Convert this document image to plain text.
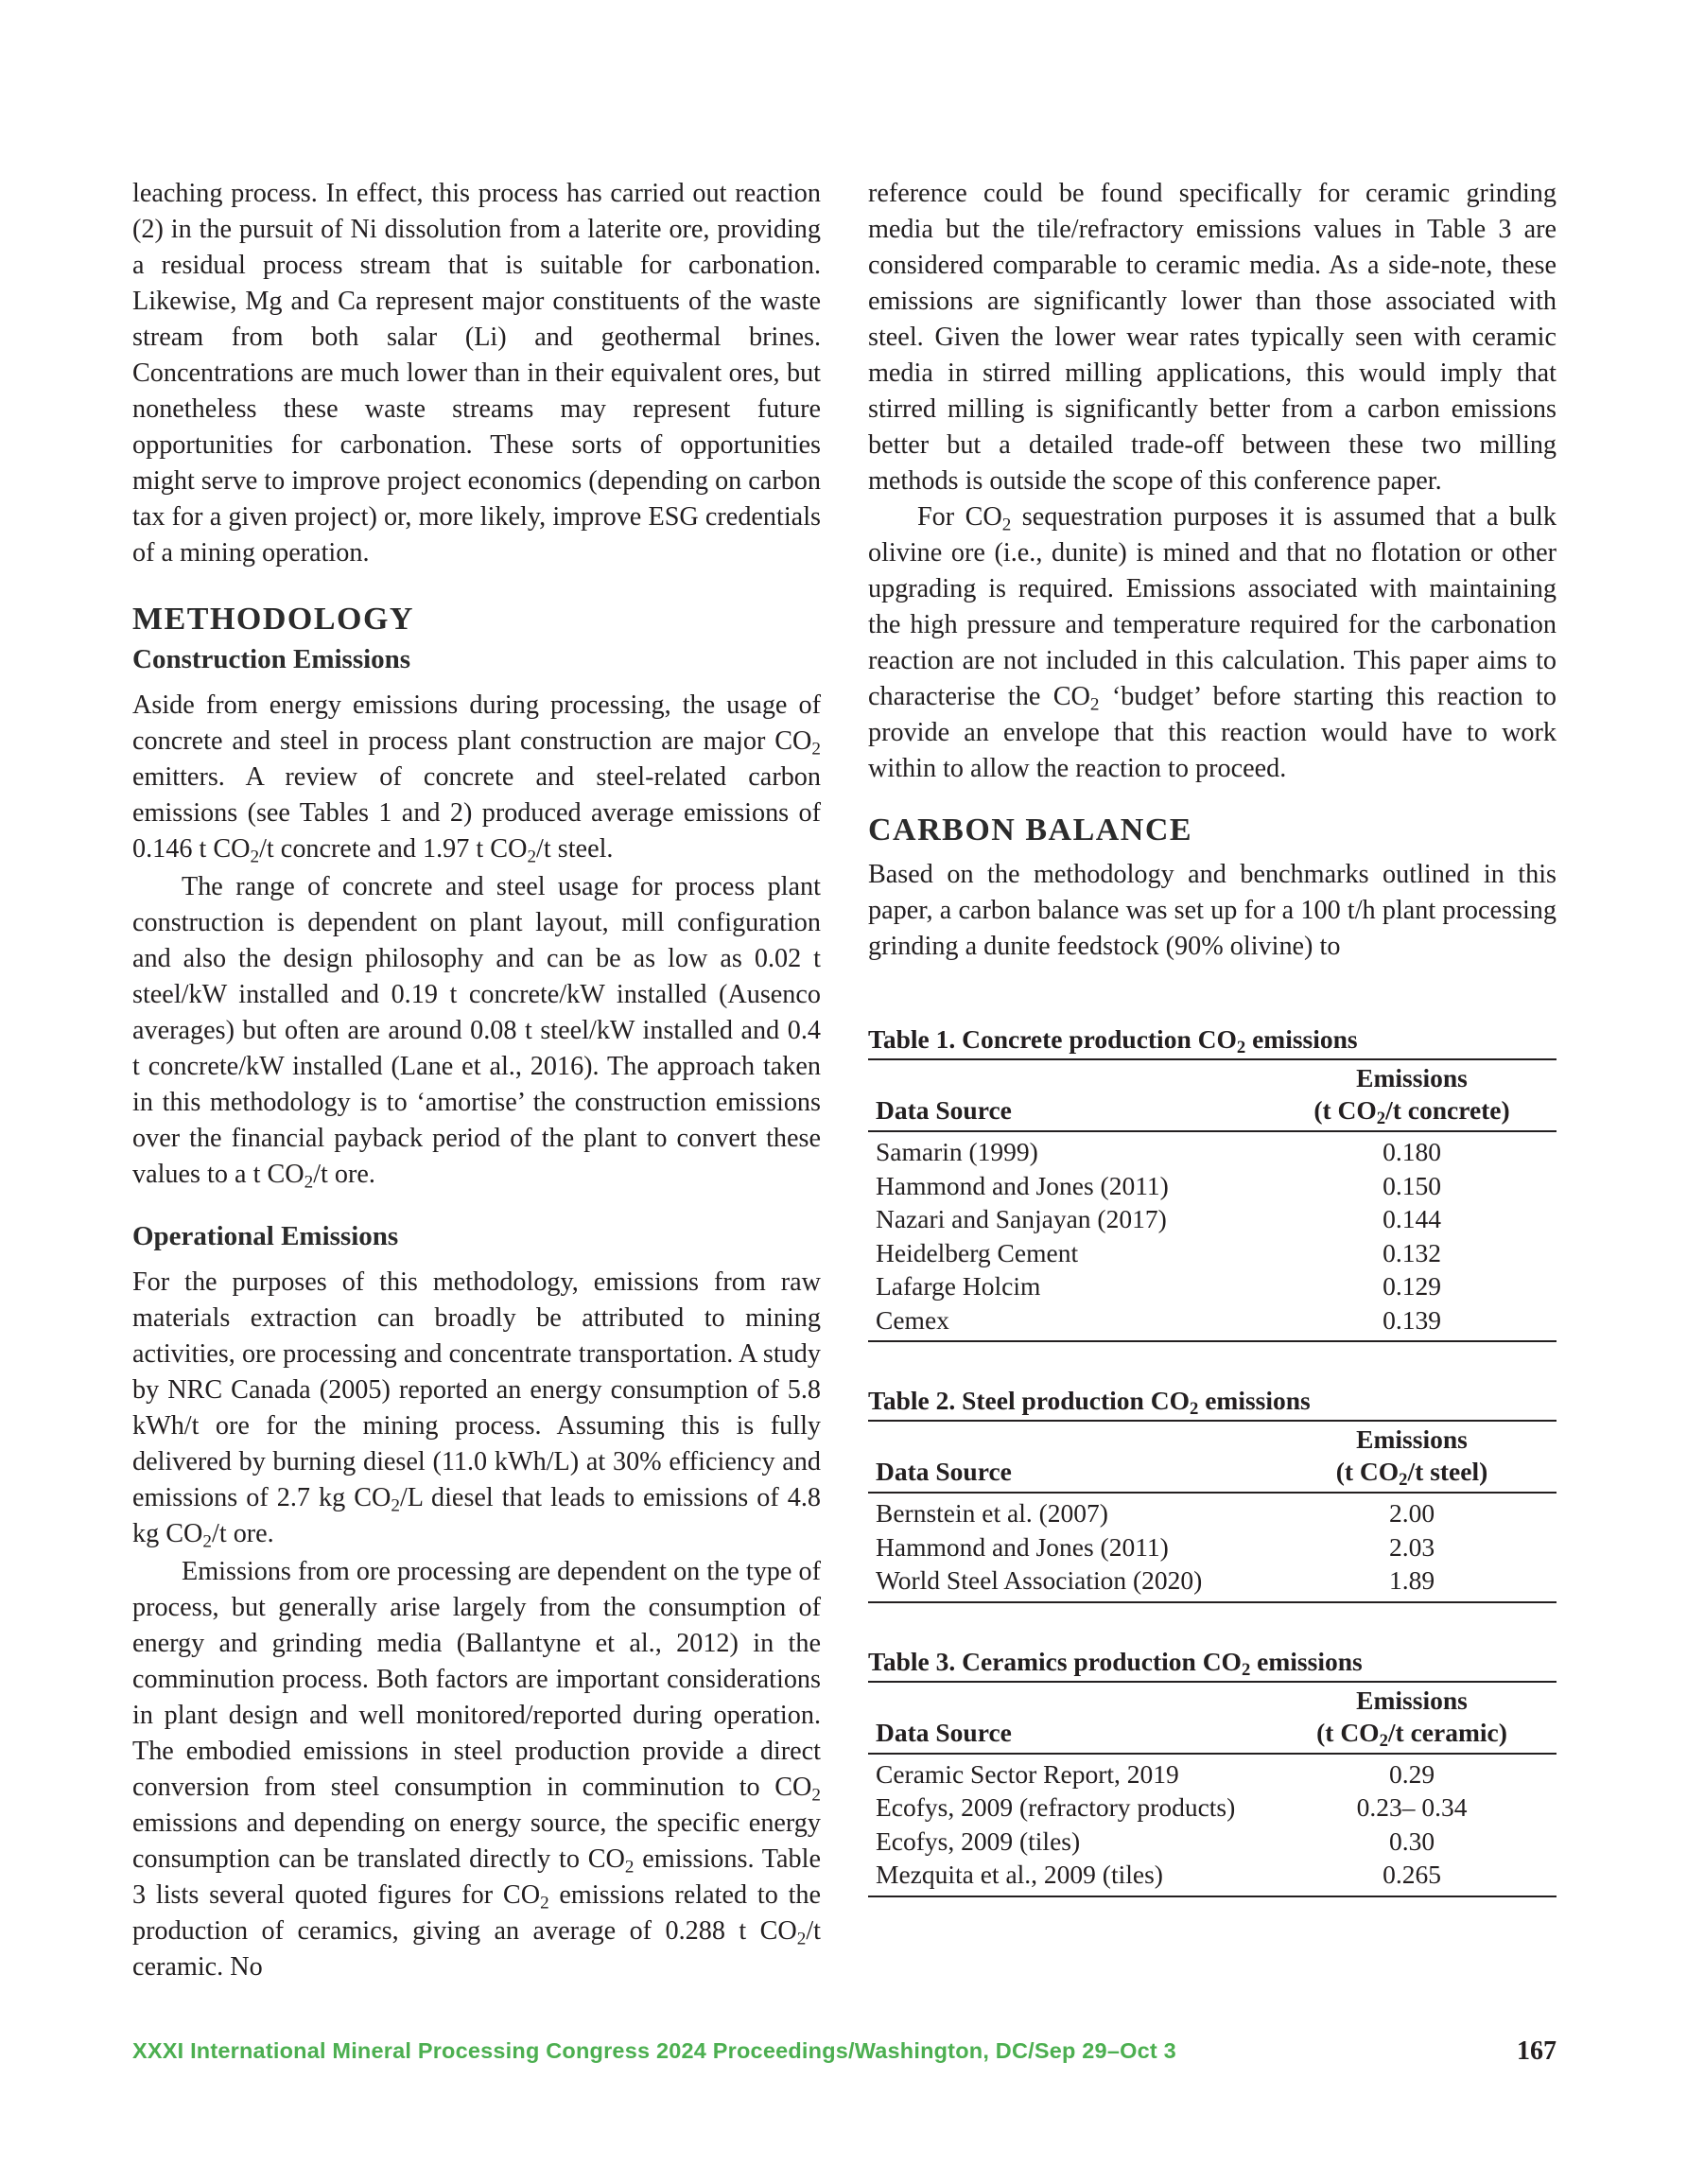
leaching process. In effect, this process has carried out reaction (2) in the pursuit of Ni dissolution from a laterite ore, providing a residual process stream that is suitable for carbonation. Likewise, Mg and Ca represent major constituents of the waste stream from both salar (Li) and geothermal brines. Concentrations are much lower than in their equivalent ores, but nonetheless these waste streams may represent future opportunities for carbonation. These sorts of opportunities might serve to improve project economics (depending on carbon tax for a given project) or, more likely, improve ESG credentials of a mining operation.

METHODOLOGY
Construction Emissions

Aside from energy emissions during processing, the usage of concrete and steel in process plant construction are major $CO_2$ emitters. A review of concrete and steel-related carbon emissions (see Tables 1 and 2) produced average emissions of 0.146 t $CO_2/t$ concrete and 1.97 t $CO_2/t$ steel.

The range of concrete and steel usage for process plant construction is dependent on plant layout, mill configuration and also the design philosophy and can be as low as 0.02 t steel/kW installed and 0.19 t concrete/kW installed (Ausenco averages) but often are around 0.08 t steel/kW installed and 0.4 t concrete/kW installed (Lane et al., 2016). The approach taken in this methodology is to ‘amortise’ the construction emissions over the financial payback period of the plant to convert these values to a t $CO_2/t$ ore.

Operational Emissions

For the purposes of this methodology, emissions from raw materials extraction can broadly be attributed to mining activities, ore processing and concentrate transportation. A study by NRC Canada (2005) reported an energy consumption of 5.8 kWh/t ore for the mining process. Assuming this is fully delivered by burning diesel (11.0 kWh/L) at 30% efficiency and emissions of 2.7 kg $CO_2/L$ diesel that leads to emissions of 4.8 kg $CO_2/t$ ore.

Emissions from ore processing are dependent on the type of process, but generally arise largely from the consumption of energy and grinding media (Ballantyne et al., 2012) in the comminution process. Both factors are important considerations in plant design and well monitored/reported during operation. The embodied emissions in steel production provide a direct conversion from steel consumption in comminution to $CO_2$ emissions and depending on energy source, the specific energy consumption can be translated directly to $CO_2$ emissions. Table 3 lists several quoted figures for $CO_2$ emissions related to the production of ceramics, giving an average of 0.288 t $CO_2/t$ ceramic. No

reference could be found specifically for ceramic grinding media but the tile/refractory emissions values in Table 3 are considered comparable to ceramic media. As a side-note, these emissions are significantly lower than those associated with steel. Given the lower wear rates typically seen with ceramic media in stirred milling applications, this would imply that stirred milling is significantly better from a carbon emissions better but a detailed trade-off between these two milling methods is outside the scope of this conference paper.

For $CO_2$ sequestration purposes it is assumed that a bulk olivine ore (i.e., dunite) is mined and that no flotation or other upgrading is required. Emissions associated with maintaining the high pressure and temperature required for the carbonation reaction are not included in this calculation. This paper aims to characterise the $CO_2$ ‘budget’ before starting this reaction to provide an envelope that this reaction would have to work within to allow the reaction to proceed.

CARBON BALANCE

Based on the methodology and benchmarks outlined in this paper, a carbon balance was set up for a 100 t/h plant processing grinding a dunite feedstock (90% olivine) to

Table 1. Concrete production $CO_2$ emissions
Data Source	Emissions
(t $CO_2/t$ concrete)
Samarin (1999)	0.180
Hammond and Jones (2011)	0.150
Nazari and Sanjayan (2017)	0.144
Heidelberg Cement	0.132
Lafarge Holcim	0.129
Cemex	0.139
Table 2. Steel production $CO_2$ emissions
Data Source	Emissions
(t $CO_2/t$ steel)
Bernstein et al. (2007)	2.00
Hammond and Jones (2011)	2.03
World Steel Association (2020)	1.89
Table 3. Ceramics production $CO_2$ emissions
Data Source	Emissions
(t $CO_2/t$ ceramic)
Ceramic Sector Report, 2019	0.29
Ecofys, 2009 (refractory products)	0.23– 0.34
Ecofys, 2009 (tiles)	0.30
Mezquita et al., 2009 (tiles)	0.265
XXXI International Mineral Processing Congress 2024 Proceedings/Washington, DC/Sep 29–Oct 3	167
